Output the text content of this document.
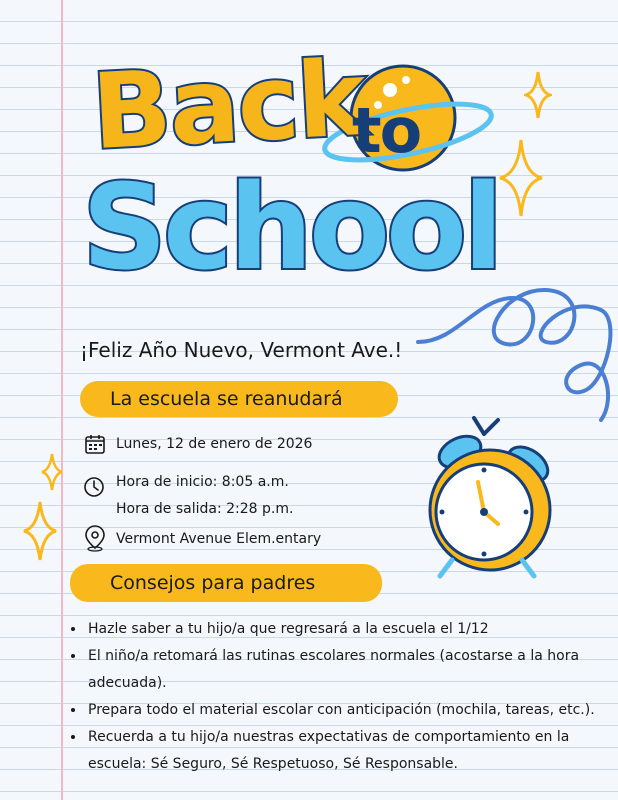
Back
to
School
¡Feliz Año Nuevo, Vermont Ave.!
La escuela se reanudará
Lunes, 12 de enero de 2026
Hora de inicio: 8:05 a.m.
Hora de salida: 2:28 p.m.
Vermont Avenue Elem.entary
Consejos para padres
• Hazle saber a tu hijo/a que regresará a la escuela el 1/12
• El niño/a retomará las rutinas escolares normales (acostarse a la hora adecuada).
• Prepara todo el material escolar con anticipación (mochila, tareas, etc.).
• Recuerda a tu hijo/a nuestras expectativas de comportamiento en la escuela: Sé Seguro, Sé Respetuoso, Sé Responsable.
